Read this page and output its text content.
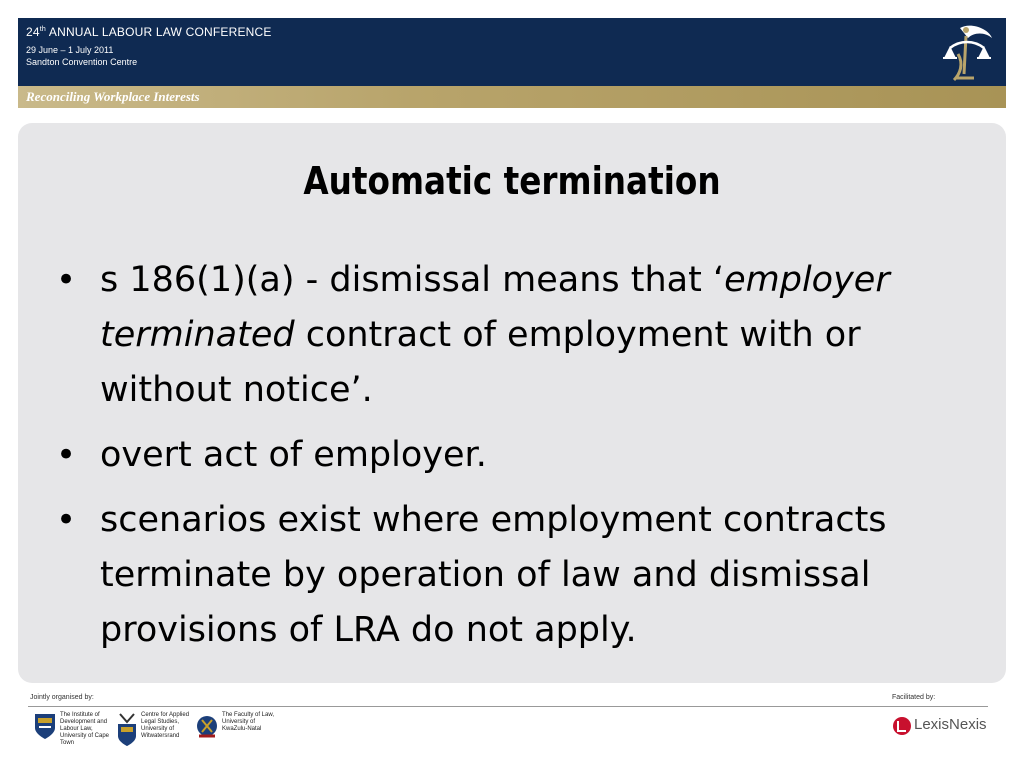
24th ANNUAL LABOUR LAW CONFERENCE
29 June – 1 July 2011
Sandton Convention Centre
Reconciling Workplace Interests
Automatic termination
• s 186(1)(a) - dismissal means that ‘employer terminated contract of employment with or without notice’.
• overt act of employer.
• scenarios exist where employment contracts terminate by operation of law and dismissal provisions of LRA do not apply.
Jointly organised by:	Facilitated by:
The Institute of Development and Labour Law, University of Cape Town
Centre for Applied Legal Studies, University of Witwatersrand
The Faculty of Law, University of KwaZulu-Natal	LexisNexis
